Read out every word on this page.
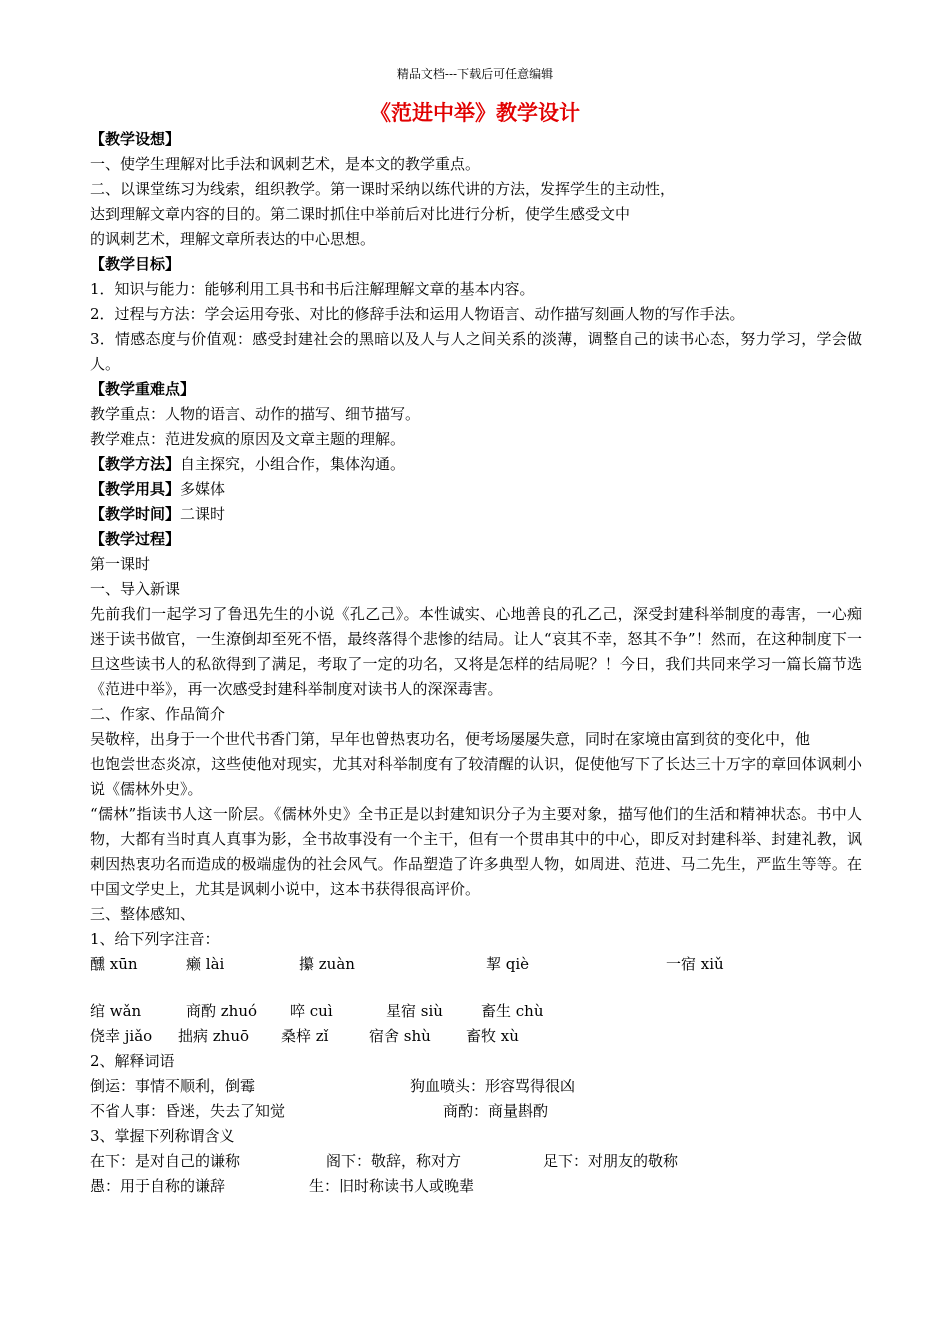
精品文档---下载后可任意编辑
《范进中举》教学设计

【教学设想】

一、使学生理解对比手法和讽刺艺术，是本文的教学重点。

二、以课堂练习为线索，组织教学。第一课时采纳以练代讲的方法，发挥学生的主动性，

达到理解文章内容的目的。第二课时抓住中举前后对比进行分析，使学生感受文中

的讽刺艺术，理解文章所表达的中心思想。

【教学目标】

1．知识与能力：能够利用工具书和书后注解理解文章的基本内容。

2．过程与方法：学会运用夸张、对比的修辞手法和运用人物语言、动作描写刻画人物的写作手法。

3．情感态度与价值观：感受封建社会的黑暗以及人与人之间关系的淡薄，调整自己的读书心态，努力学习，学会做人。

【教学重难点】

教学重点：人物的语言、动作的描写、细节描写。

教学难点：范进发疯的原因及文章主题的理解。

【教学方法】自主探究，小组合作，集体沟通。

【教学用具】多媒体

【教学时间】二课时

【教学过程】

第一课时

一、导入新课

先前我们一起学习了鲁迅先生的小说《孔乙己》。本性诚实、心地善良的孔乙己，深受封建科举制度的毒害，一心痴迷于读书做官，一生潦倒却至死不悟，最终落得个悲惨的结局。让人“哀其不幸，怒其不争”！然而，在这种制度下一旦这些读书人的私欲得到了满足，考取了一定的功名，又将是怎样的结局呢？！今日，我们共同来学习一篇长篇节选《范进中举》，再一次感受封建科举制度对读书人的深深毒害。

二、作家、作品简介

吴敬梓，出身于一个世代书香门第，早年也曾热衷功名，便考场屡屡失意，同时在家境由富到贫的变化中，他

也饱尝世态炎凉，这些使他对现实，尤其对科举制度有了较清醒的认识，促使他写下了长达三十万字的章回体讽刺小说《儒林外史》。

“儒林”指读书人这一阶层。《儒林外史》全书正是以封建知识分子为主要对象，描写他们的生活和精神状态。书中人物，大都有当时真人真事为影，全书故事没有一个主干，但有一个贯串其中的中心，即反对封建科举、封建礼教，讽刺因热衷功名而造成的极端虚伪的社会风气。作品塑造了许多典型人物，如周进、范进、马二先生，严监生等等。在中国文学史上，尤其是讽刺小说中，这本书获得很高评价。

三、整体感知、

1、给下列字注音：

醺 xūn	癞 lài	攥 zuàn	挈 qiè	一宿 xiǔ
绾 wǎn	商酌 zhuó 啐 cuì	星宿 siù	畜生 chù
侥幸 jiǎo 拙病 zhuō 桑梓 zǐ	宿舍 shù 畜牧 xù

2、解释词语

倒运：事情不顺利，倒霉	狗血喷头：形容骂得很凶
不省人事：昏迷，失去了知觉	商酌：商量斟酌

3、掌握下列称谓含义

在下：是对自己的谦称	阁下：敬辞，称对方	足下：对朋友的敬称
愚：用于自称的谦辞	生：旧时称读书人或晚辈
